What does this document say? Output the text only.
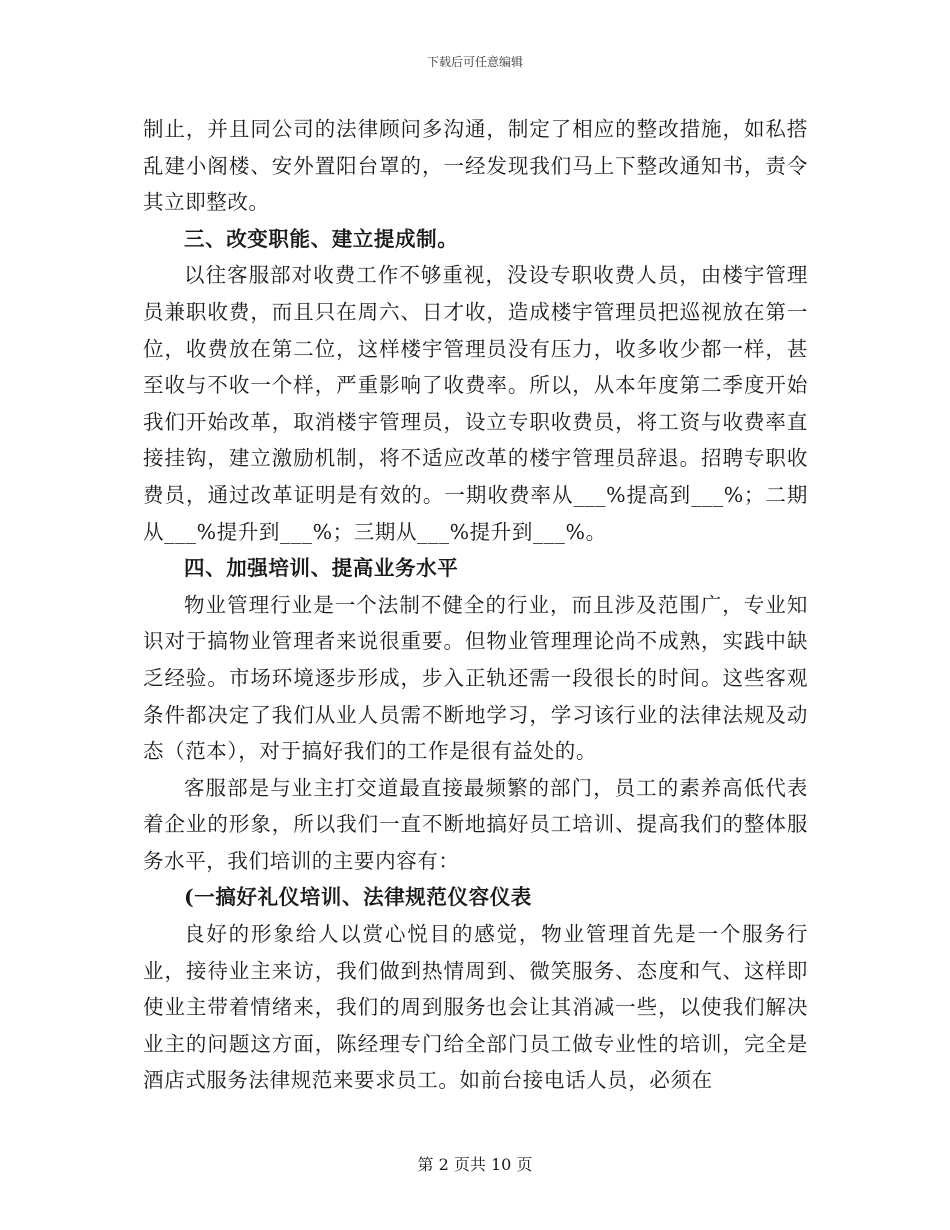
下载后可任意编辑

制止，并且同公司的法律顾问多沟通，制定了相应的整改措施，如私搭乱建小阁楼、安外置阳台罩的，一经发现我们马上下整改通知书，责令其立即整改。

三、改变职能、建立提成制。

以往客服部对收费工作不够重视，没设专职收费人员，由楼宇管理员兼职收费，而且只在周六、日才收，造成楼宇管理员把巡视放在第一位，收费放在第二位，这样楼宇管理员没有压力，收多收少都一样，甚至收与不收一个样，严重影响了收费率。所以，从本年度第二季度开始我们开始改革，取消楼宇管理员，设立专职收费员，将工资与收费率直接挂钩，建立激励机制，将不适应改革的楼宇管理员辞退。招聘专职收费员，通过改革证明是有效的。一期收费率从___%提高到___%；二期从___%提升到___%；三期从___%提升到___%。

四、加强培训、提高业务水平

物业管理行业是一个法制不健全的行业，而且涉及范围广，专业知识对于搞物业管理者来说很重要。但物业管理理论尚不成熟，实践中缺乏经验。市场环境逐步形成，步入正轨还需一段很长的时间。这些客观条件都决定了我们从业人员需不断地学习，学习该行业的法律法规及动态（范本），对于搞好我们的工作是很有益处的。

客服部是与业主打交道最直接最频繁的部门，员工的素养高低代表着企业的形象，所以我们一直不断地搞好员工培训、提高我们的整体服务水平，我们培训的主要内容有：

(一搞好礼仪培训、法律规范仪容仪表

良好的形象给人以赏心悦目的感觉，物业管理首先是一个服务行业，接待业主来访，我们做到热情周到、微笑服务、态度和气、这样即使业主带着情绪来，我们的周到服务也会让其消减一些，以使我们解决业主的问题这方面，陈经理专门给全部门员工做专业性的培训，完全是酒店式服务法律规范来要求员工。如前台接电话人员，必须在

第 2 页共 10 页
